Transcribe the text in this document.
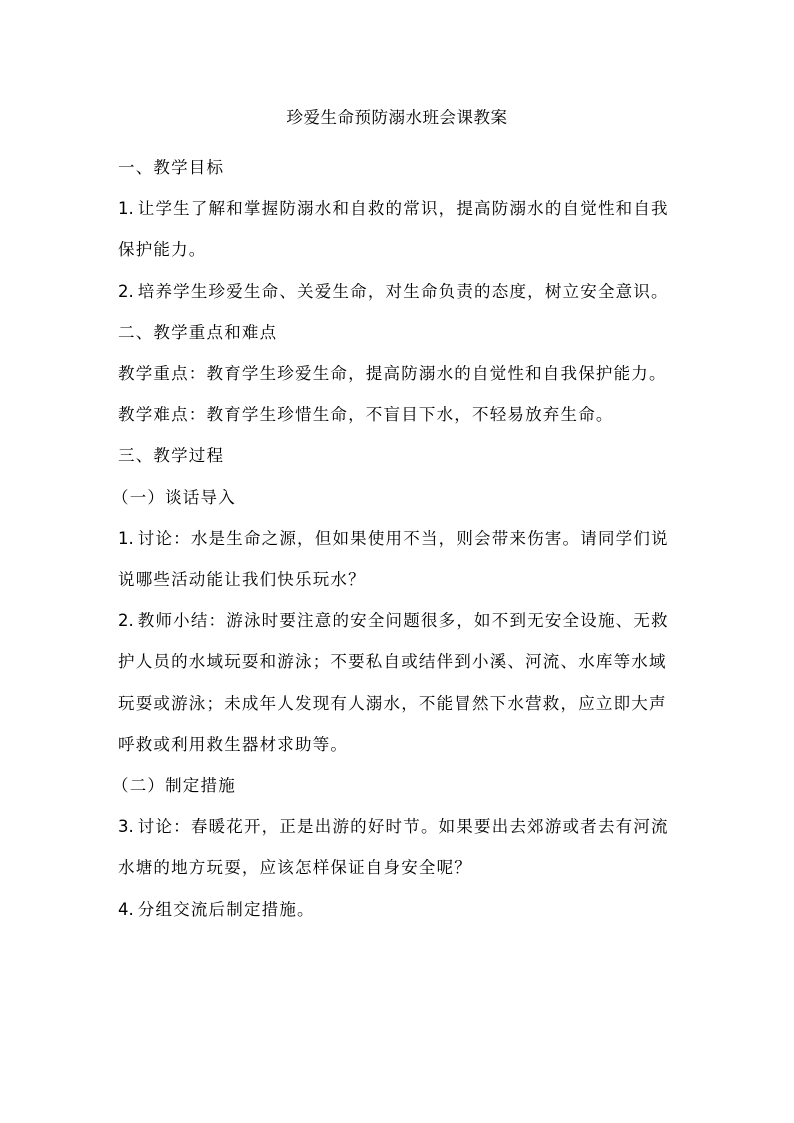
珍爱生命预防溺水班会课教案

一、教学目标

1. 让学生了解和掌握防溺水和自救的常识，提高防溺水的自觉性和自我保护能力。

2. 培养学生珍爱生命、关爱生命，对生命负责的态度，树立安全意识。

二、教学重点和难点

教学重点：教育学生珍爱生命，提高防溺水的自觉性和自我保护能力。

教学难点：教育学生珍惜生命，不盲目下水，不轻易放弃生命。

三、教学过程

（一）谈话导入

1. 讨论：水是生命之源，但如果使用不当，则会带来伤害。请同学们说说哪些活动能让我们快乐玩水？

2. 教师小结：游泳时要注意的安全问题很多，如不到无安全设施、无救护人员的水域玩耍和游泳；不要私自或结伴到小溪、河流、水库等水域玩耍或游泳；未成年人发现有人溺水，不能冒然下水营救，应立即大声呼救或利用救生器材求助等。

（二）制定措施

3. 讨论：春暖花开，正是出游的好时节。如果要出去郊游或者去有河流水塘的地方玩耍，应该怎样保证自身安全呢？

4. 分组交流后制定措施。
